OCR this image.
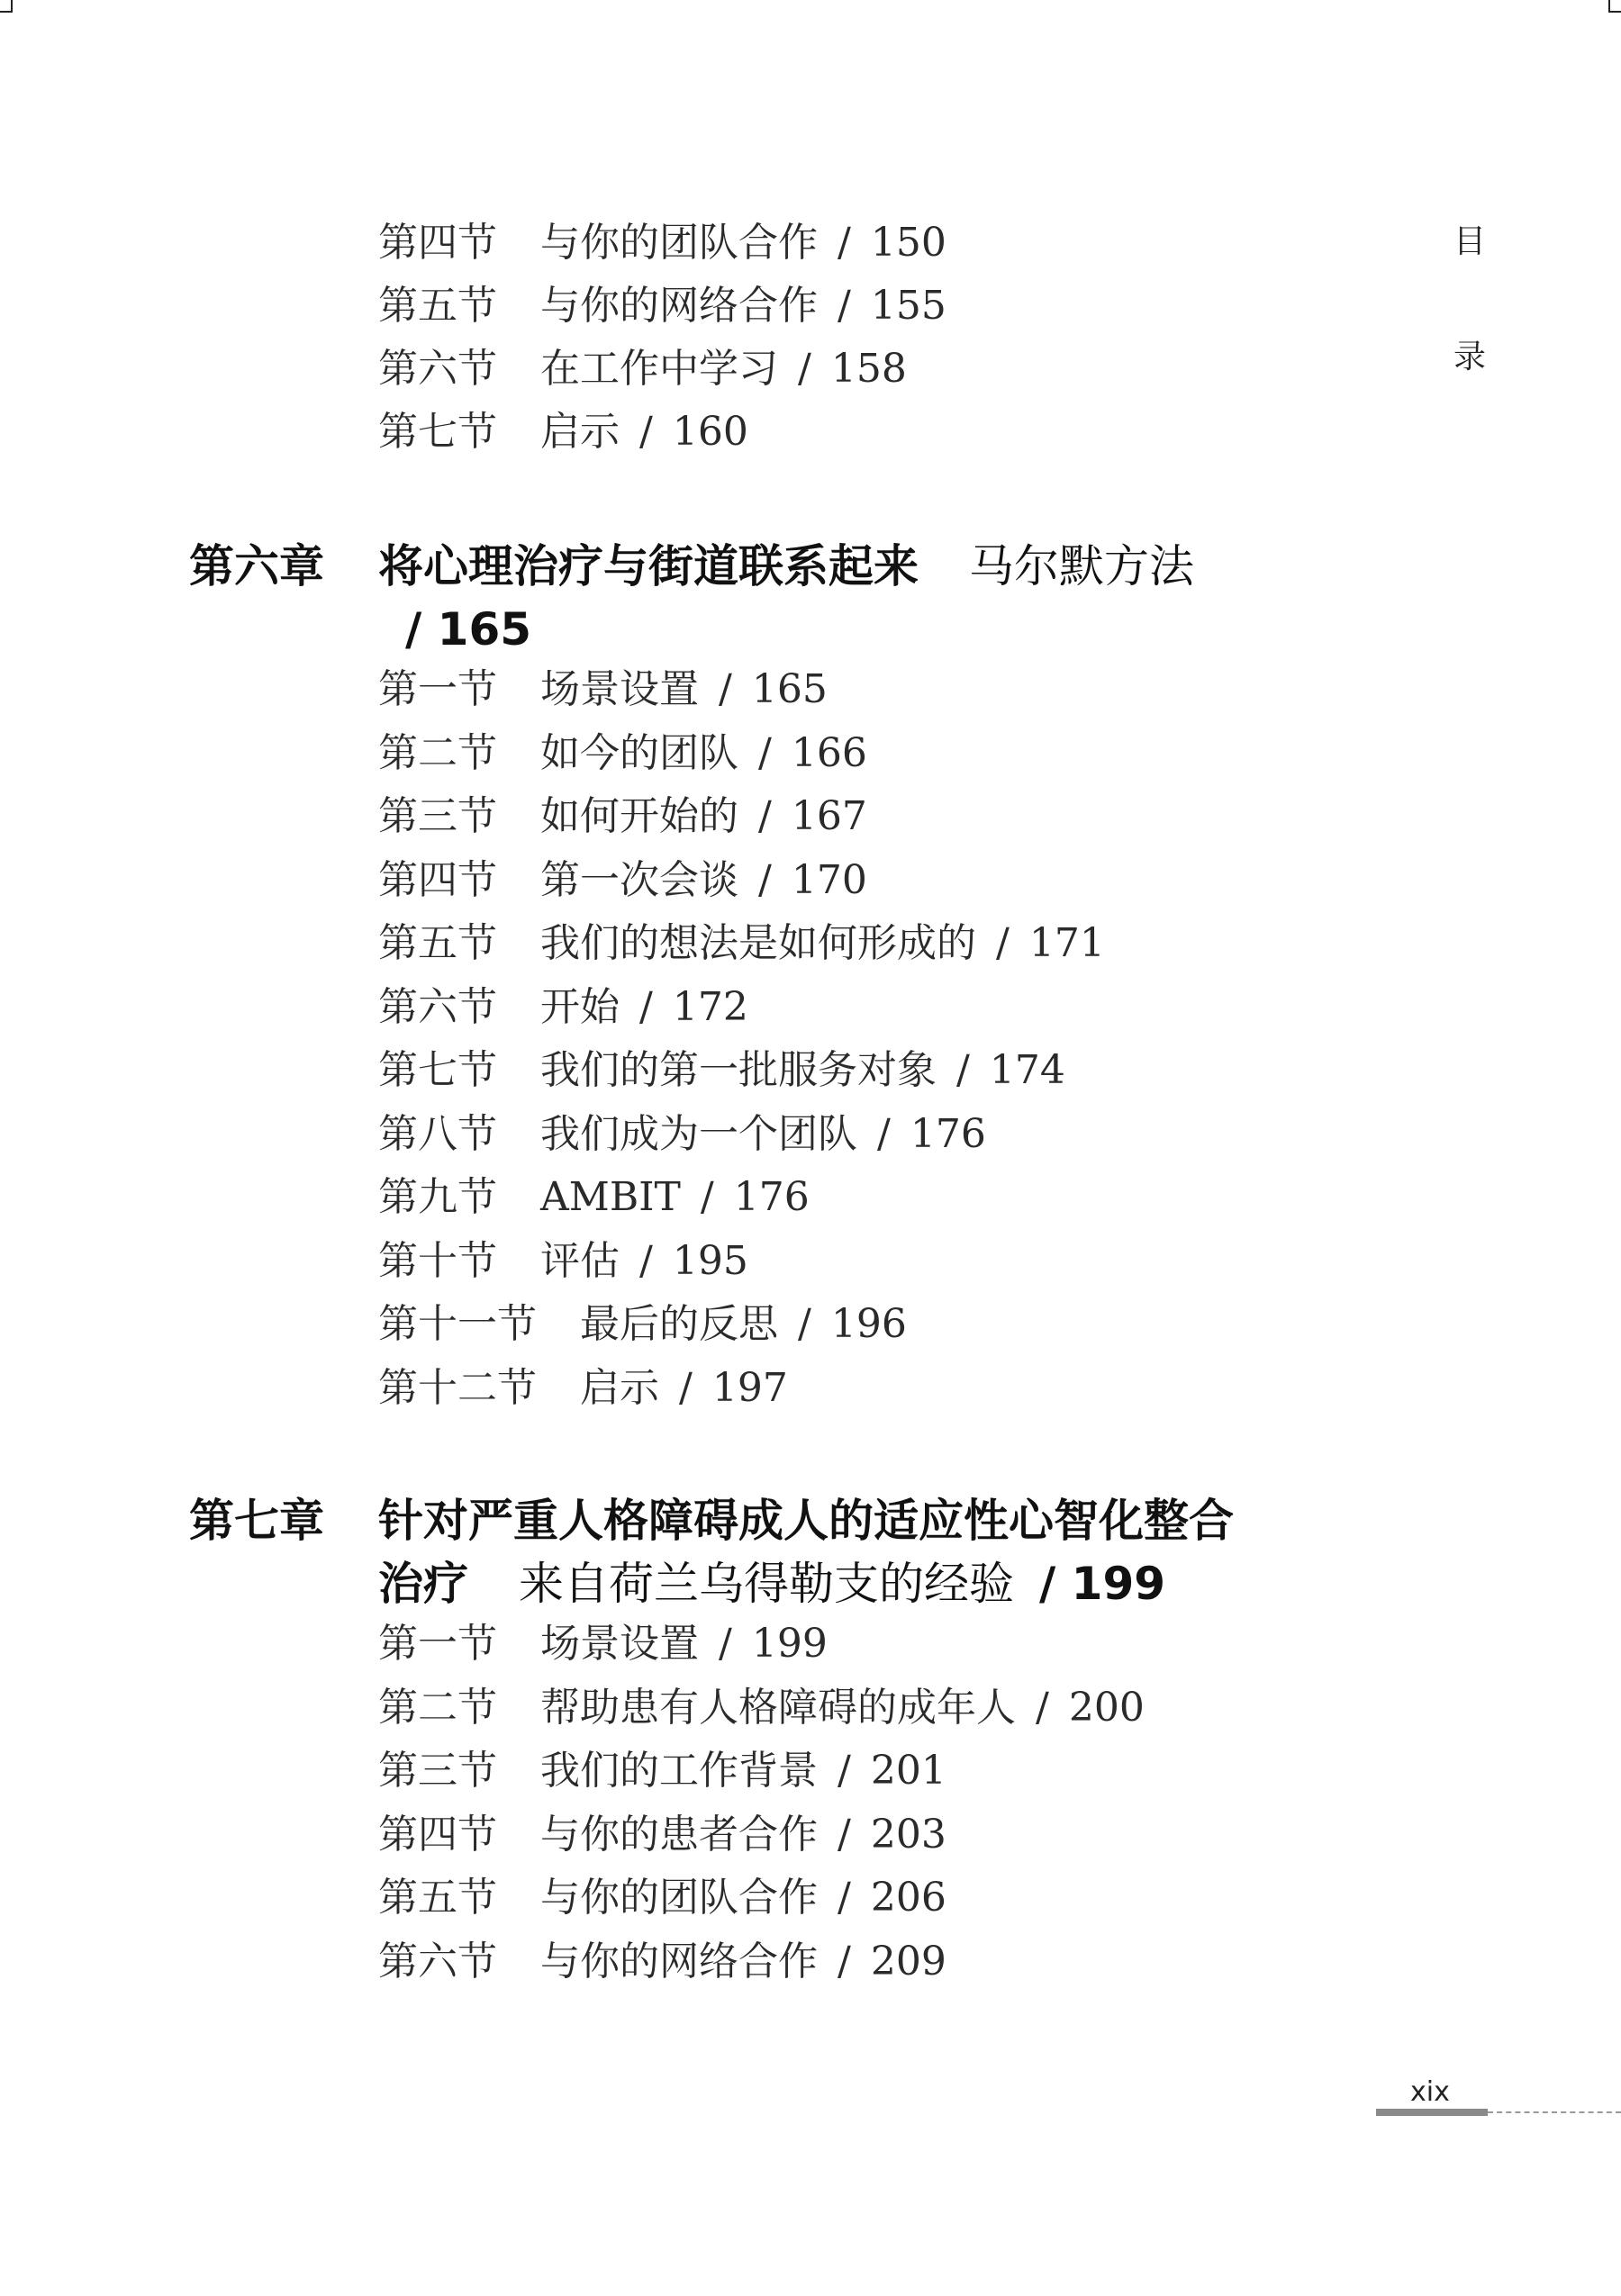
目
录
第四节 与你的团队合作 / 150
第五节 与你的网络合作 / 155
第六节 在工作中学习 / 158
第七节 启示 / 160
第六章 将心理治疗与街道联系起来 马尔默方法
/ 165
第一节 场景设置 / 165
第二节 如今的团队 / 166
第三节 如何开始的 / 167
第四节 第一次会谈 / 170
第五节 我们的想法是如何形成的 / 171
第六节 开始 / 172
第七节 我们的第一批服务对象 / 174
第八节 我们成为一个团队 / 176
第九节 AMBIT / 176
第十节 评估 / 195
第十一节 最后的反思 / 196
第十二节 启示 / 197
第七章 针对严重人格障碍成人的适应性心智化整合
治疗 来自荷兰乌得勒支的经验 / 199
第一节 场景设置 / 199
第二节 帮助患有人格障碍的成年人 / 200
第三节 我们的工作背景 / 201
第四节 与你的患者合作 / 203
第五节 与你的团队合作 / 206
第六节 与你的网络合作 / 209
xix
